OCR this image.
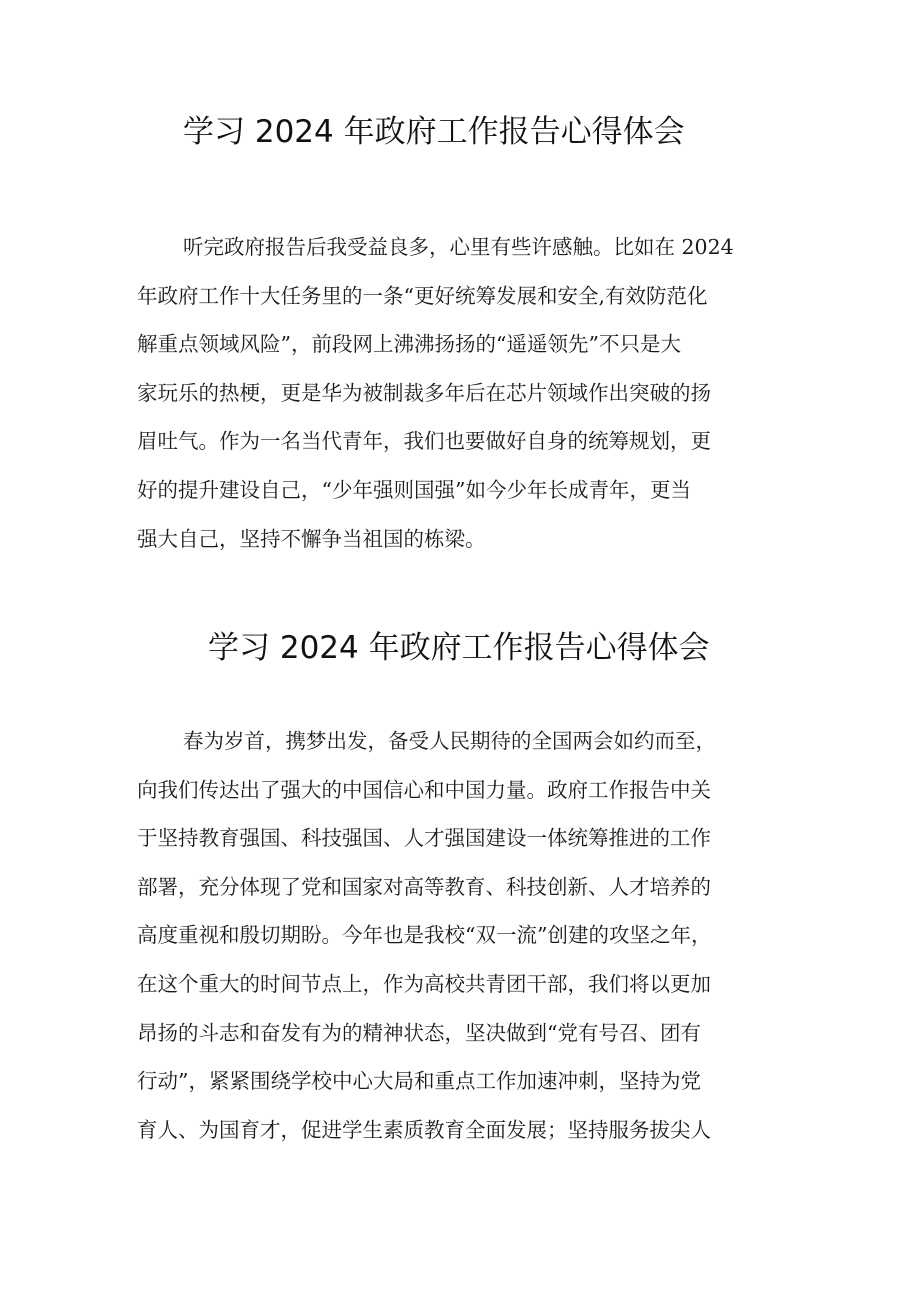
学习 2024 年政府工作报告心得体会
听完政府报告后我受益良多，心里有些许感触。比如在 2024
年政府工作十大任务里的一条“更好统筹发展和安全,有效防范化
解重点领域风险”，前段网上沸沸扬扬的“遥遥领先”不只是大
家玩乐的热梗，更是华为被制裁多年后在芯片领域作出突破的扬
眉吐气。作为一名当代青年，我们也要做好自身的统筹规划，更
好的提升建设自己，“少年强则国强”如今少年长成青年，更当
强大自己，坚持不懈争当祖国的栋梁。
学习 2024 年政府工作报告心得体会
春为岁首，携梦出发，备受人民期待的全国两会如约而至，
向我们传达出了强大的中国信心和中国力量。政府工作报告中关
于坚持教育强国、科技强国、人才强国建设一体统筹推进的工作
部署，充分体现了党和国家对高等教育、科技创新、人才培养的
高度重视和殷切期盼。今年也是我校“双一流”创建的攻坚之年，
在这个重大的时间节点上，作为高校共青团干部，我们将以更加
昂扬的斗志和奋发有为的精神状态，坚决做到“党有号召、团有
行动”，紧紧围绕学校中心大局和重点工作加速冲刺，坚持为党
育人、为国育才，促进学生素质教育全面发展；坚持服务拔尖人
